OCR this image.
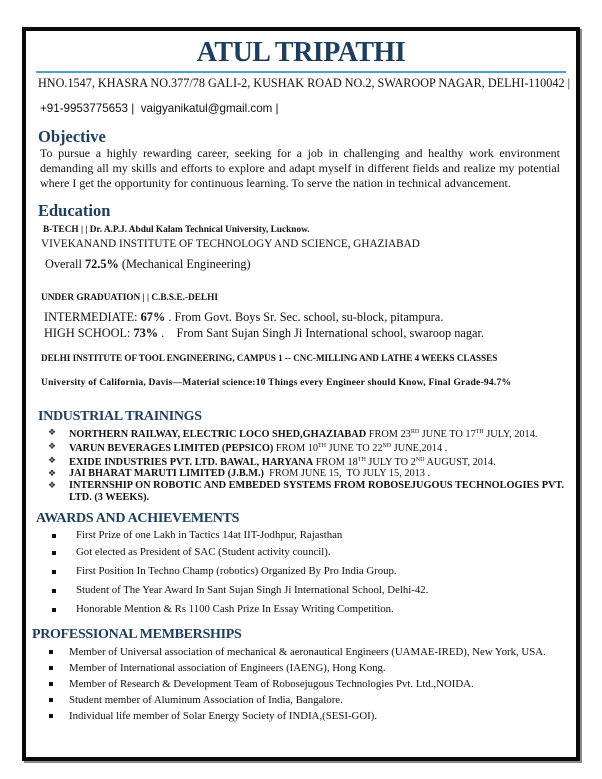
ATUL TRIPATHI
HNO.1547, KHASRA NO.377/78 GALI-2, KUSHAK ROAD NO.2, SWAROOP NAGAR, DELHI-110042 |
+91-9953775653 | vaigyanikatul@gmail.com |
Objective
To pursue a highly rewarding career, seeking for a job in challenging and healthy work environment demanding all my skills and efforts to explore and adapt myself in different fields and realize my potential where I get the opportunity for continuous learning. To serve the nation in technical advancement.
Education
B-TECH | | Dr. A.P.J. Abdul Kalam Technical University, Lucknow.
VIVEKANAND INSTITUTE OF TECHNOLOGY AND SCIENCE, GHAZIABAD
Overall 72.5% (Mechanical Engineering)
UNDER GRADUATION | | C.B.S.E.-DELHI
INTERMEDIATE: 67% . From Govt. Boys Sr. Sec. school, su-block, pitampura.
HIGH SCHOOL: 73% .    From Sant Sujan Singh Ji International school, swaroop nagar.
DELHI INSTITUTE OF TOOL ENGINEERING, CAMPUS 1 -- CNC-MILLING AND LATHE 4 WEEKS CLASSES
University of California, Davis—Material science:10 Things every Engineer should Know, Final Grade-94.7%
INDUSTRIAL TRAININGS
❖ NORTHERN RAILWAY, ELECTRIC LOCO SHED,GHAZIABAD FROM 23RD JUNE TO 17TH JULY, 2014.
❖ VARUN BEVERAGES LIMITED (PEPSICO) FROM 10TH JUNE TO 22ND JUNE,2014 .
❖ EXIDE INDUSTRIES PVT. LTD. BAWAL, HARYANA FROM 18TH JULY TO 2ND AUGUST, 2014.
❖ JAI BHARAT MARUTI LIMITED (J.B.M.)  FROM JUNE 15,  TO JULY 15, 2013 .
❖ INTERNSHIP ON ROBOTIC AND EMBEDED SYSTEMS FROM ROBOSEJUGOUS TECHNOLOGIES PVT.
LTD. (3 WEEKS).
AWARDS AND ACHIEVEMENTS
First Prize of one Lakh in Tactics 14at IIT-Jodhpur, Rajasthan
Got elected as President of SAC (Student activity council).
First Position In Techno Champ (robotics) Organized By Pro India Group.
Student of The Year Award In Sant Sujan Singh Ji International School, Delhi-42.
Honorable Mention & Rs 1100 Cash Prize In Essay Writing Competition.
PROFESSIONAL MEMBERSHIPS
Member of Universal association of mechanical & aeronautical Engineers (UAMAE-IRED), New York, USA.
Member of International association of Engineers (IAENG), Hong Kong.
Member of Research & Development Team of Robosejugous Technologies Pvt. Ltd.,NOIDA.
Student member of Aluminum Association of India, Bangalore.
Individual life member of Solar Energy Society of INDIA,(SESI-GOI).
